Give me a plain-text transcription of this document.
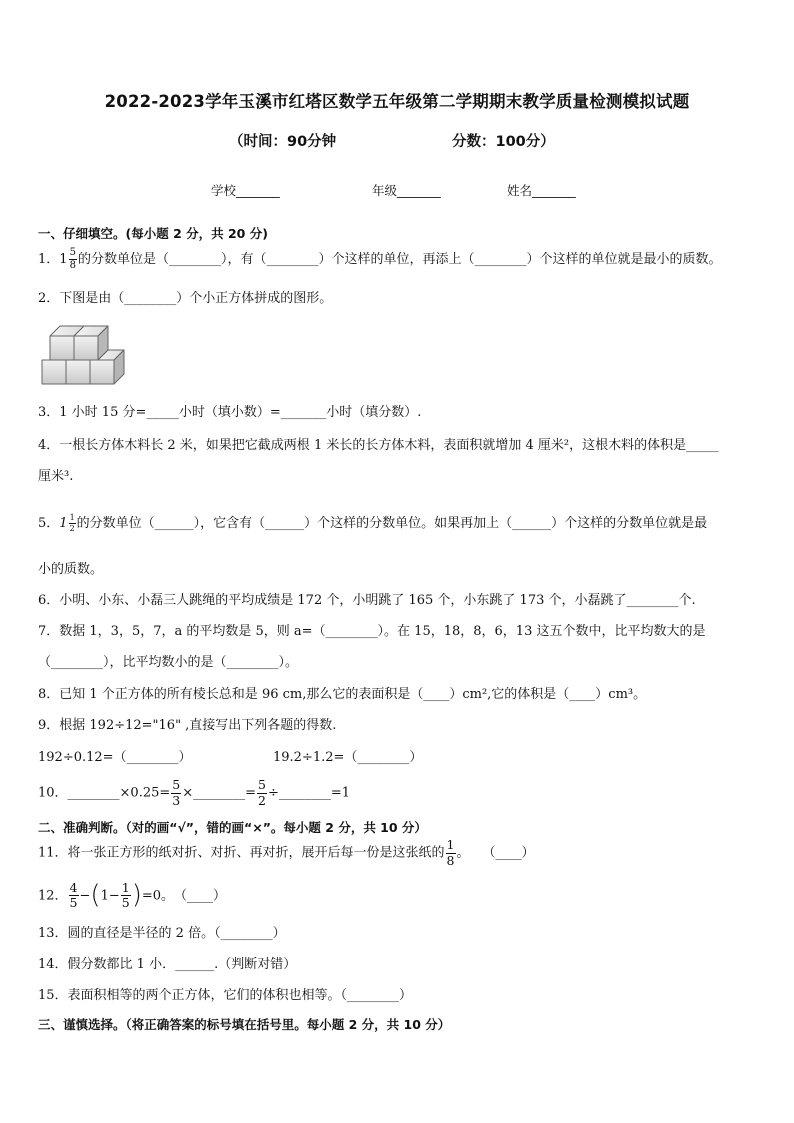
2022-2023学年玉溪市红塔区数学五年级第二学期期末教学质量检测模拟试题
（时间：90分钟	分数：100分）
学校_______	年级_______	姓名_______
一、仔细填空。(每小题 2 分，共 20 分)
1．$1 \frac{5}{8}$ 的分数单位是（________），有（________）个这样的单位，再添上（________）个这样的单位就是最小的质数。
2．下图是由（________）个小正方体拼成的图形。
3．1 小时 15 分=_____小时（填小数）=_______小时（填分数）.
4．一根长方体木料长 2 米，如果把它截成两根 1 米长的长方体木料，表面积就增加 4 厘米²，这根木料的体积是_____
厘米³.
5．$1 \frac{1}{2}$ 的分数单位（______），它含有（______）个这样的分数单位。如果再加上（______）个这样的分数单位就是最
小的质数。
6．小明、小东、小磊三人跳绳的平均成绩是 172 个，小明跳了 165 个，小东跳了 173 个，小磊跳了________个.
7．数据 1，3，5，7，a 的平均数是 5，则 a=（________）。在 15，18，8，6，13 这五个数中，比平均数大的是
（________），比平均数小的是（________）。
8．已知 1 个正方体的所有棱长总和是 96 cm,那么它的表面积是（____）cm²,它的体积是（____）cm³。
9．根据 192÷12="16" ,直接写出下列各题的得数.
192÷0.12=（________）	19.2÷1.2=（________）
10．________×0.25= $\frac{5}{3}$ ×________= $\frac{5}{2}$ ÷________=1
二、准确判断。（对的画“√”，错的画“×”。每小题 2 分，共 10 分）
11．将一张正方形的纸对折、对折、再对折，展开后每一份是这张纸的 $\frac{1}{8}$ 。　　（____）
12． $\frac{4}{5} -(1- \frac{1}{5} )=0$。　（____）
13．圆的直径是半径的 2 倍。（________）
14．假分数都比 1 小．______.（判断对错）
15．表面积相等的两个正方体，它们的体积也相等。（________）
三、谨慎选择。（将正确答案的标号填在括号里。每小题 2 分，共 10 分）
